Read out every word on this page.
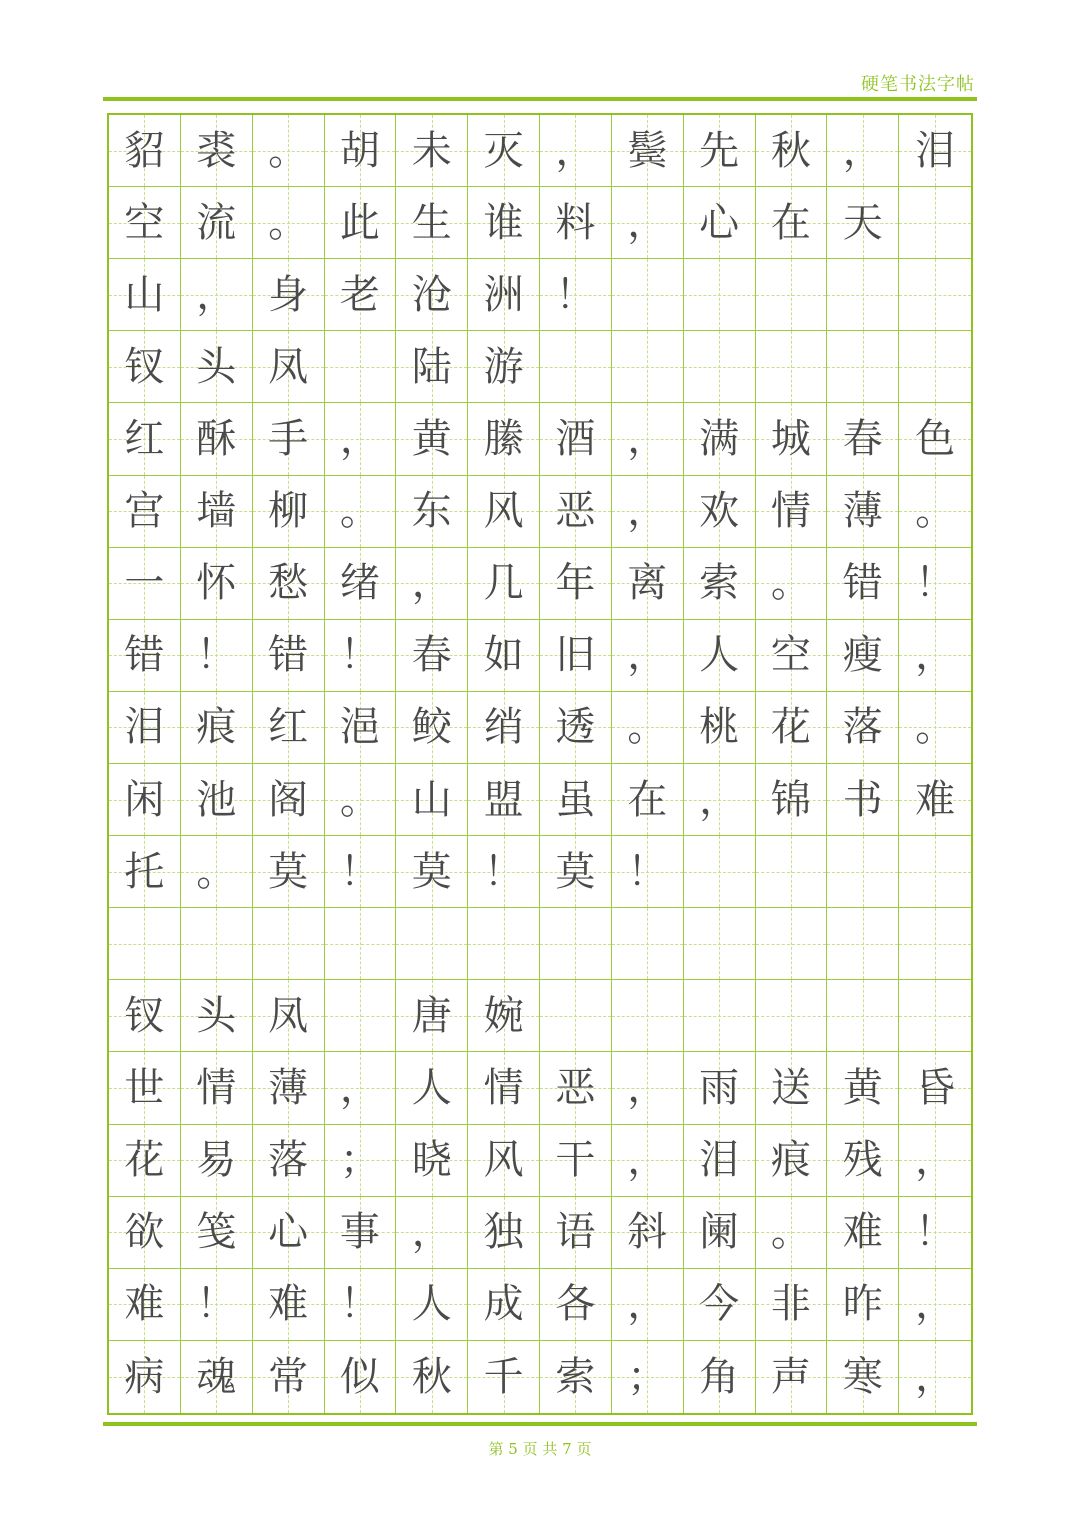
硬笔书法字帖
貂 裘 。 胡 未 灭 ， 鬓 先 秋 ， 泪
空 流 。 此 生 谁 料 ， 心 在 天
山 ， 身 老 沧 洲 ！
钗 头 凤	陆 游
红 酥 手 ， 黄 縢 酒 ， 满 城 春 色
宫 墙 柳 。 东 风 恶 ， 欢 情 薄 。
一 怀 愁 绪 ， 几 年 离 索 。 错 ！
错 ！ 错 ！ 春 如 旧 ， 人 空 瘦 ，
泪 痕 红 浥 鲛 绡 透 。 桃 花 落 。
闲 池 阁 。 山 盟 虽 在 ， 锦 书 难
托 。 莫 ！ 莫 ！ 莫 ！
钗 头 凤	唐 婉
世 情 薄 ， 人 情 恶 ， 雨 送 黄 昏
花 易 落 ； 晓 风 干 ， 泪 痕 残 ，
欲 笺 心 事 ， 独 语 斜 阑 。 难 ！
难 ！ 难 ！ 人 成 各 ， 今 非 昨 ，
病 魂 常 似 秋 千 索 ； 角 声 寒 ，
第 5 页 共 7 页
